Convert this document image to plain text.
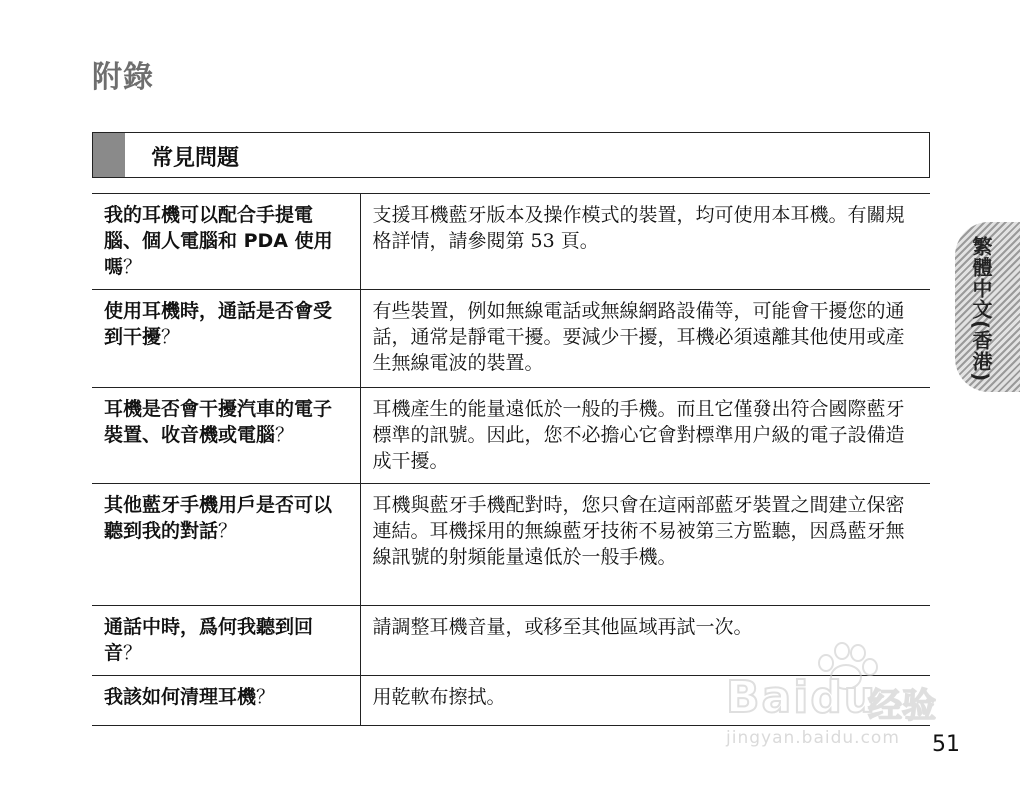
附錄
常見問題
我的耳機可以配合手提電腦、個人電腦和 PDA 使用嗎？	支援耳機藍牙版本及操作模式的裝置，均可使用本耳機。有關規格詳情，請參閱第 53 頁。
使用耳機時，通話是否會受到干擾？	有些裝置，例如無線電話或無線網路設備等，可能會干擾您的通話，通常是靜電干擾。要減少干擾，耳機必須遠離其他使用或產生無線電波的裝置。
耳機是否會干擾汽車的電子裝置、收音機或電腦？	耳機產生的能量遠低於一般的手機。而且它僅發出符合國際藍牙標準的訊號。因此，您不必擔心它會對標準用户級的電子設備造成干擾。
其他藍牙手機用戶是否可以聽到我的對話？	耳機與藍牙手機配對時，您只會在這兩部藍牙裝置之間建立保密連結。耳機採用的無線藍牙技術不易被第三方監聽，因爲藍牙無線訊號的射頻能量遠低於一般手機。
通話中時，爲何我聽到回音？	請調整耳機音量，或移至其他區域再試一次。
我該如何清理耳機？	用乾軟布擦拭。
繁體中文(香港)
Baidu
经验
jingyan.baidu.com 51
